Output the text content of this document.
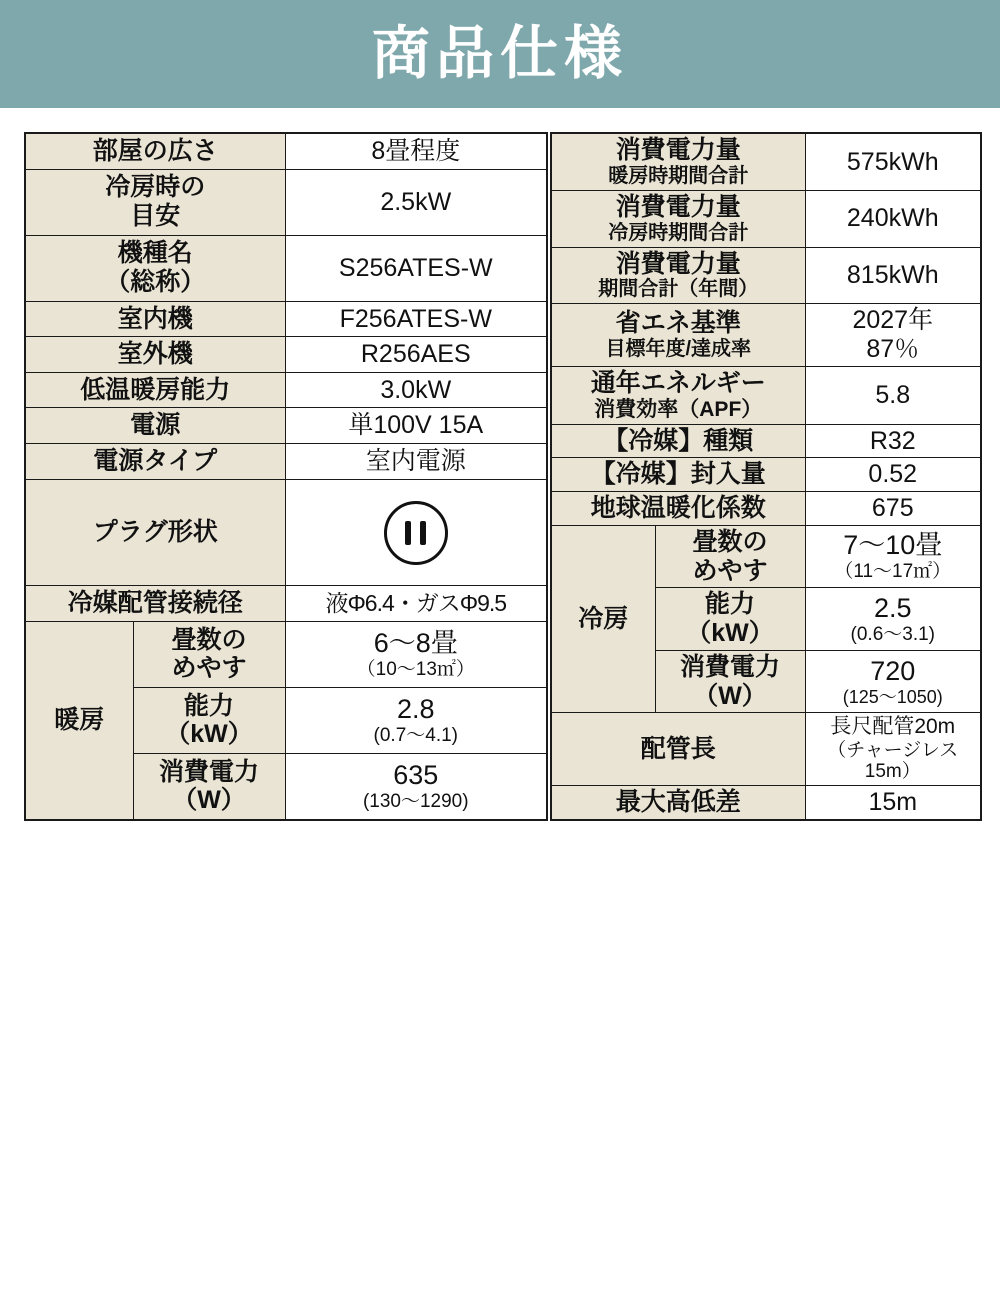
商品仕様
部屋の広さ		8畳程度
冷房時の
目安		2.5kW
機種名
（総称）		S256ATES-W
室内機		F256ATES-W
室外機		R256AES
低温暖房能力		3.0kW
電源		単100V 15A
電源タイプ		室内電源
プラグ形状		

冷媒配管接続径		液Φ6.4・ガスΦ9.5
暖房	畳数の
めやす	6〜8畳
（10〜13㎡）

	能力
（kW）	2.8
(0.7〜4.1)

	消費電力
（W）	635
(130〜1290)
消費電力量
暖房時期間合計		575kWh
消費電力量
冷房時期間合計		240kWh
消費電力量
期間合計（年間）		815kWh
省エネ基準
目標年度/達成率		2027年
87％

通年エネルギー
消費効率（APF）		5.8
【冷媒】種類		R32
【冷媒】封入量		0.52
地球温暖化係数		675
冷房	畳数の
めやす	7〜10畳
（11〜17㎡）

	能力
（kW）	2.5
(0.6〜3.1)

	消費電力
（W）	720
(125〜1050)

配管長		長尺配管20m
（チャージレス15m）

最大高低差		15m
